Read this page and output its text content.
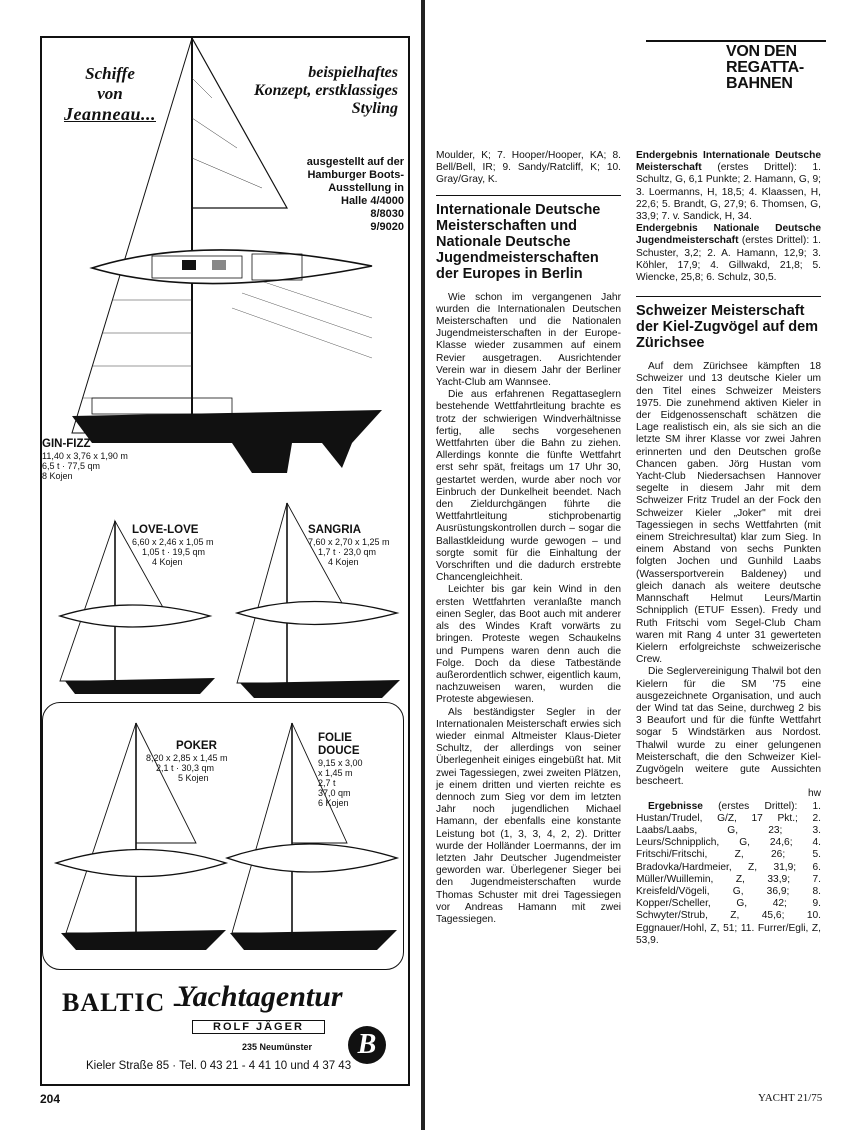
Schiffe
von
Jeanneau...
beispielhaftes Konzept, erstklassiges Styling
ausgestellt auf der
Hamburger Boots-
Ausstellung in
Halle 4/4000
8/8030
9/9020
GIN-FIZZ
11,40 x 3,76 x 1,90 m
6,5 t · 77,5 qm
8 Kojen
LOVE-LOVE
6,60 x 2,46 x 1,05 m
1,05 t · 19,5 qm
4 Kojen
SANGRIA
7,60 x 2,70 x 1,25 m
1,7 t · 23,0 qm
4 Kojen
POKER
8,20 x 2,85 x 1,45 m
2,1 t · 30,3 qm
5 Kojen
FOLIE DOUCE
9,15 x 3,00
x 1,45 m
2,7 t
37,0 qm
6 Kojen
BALTIC -
Yachtagentur
ROLF JÄGER
235 Neumünster
Kieler Straße 85 · Tel. 0 43 21 - 4 41 10 und 4 37 43
B
VON DEN REGATTA-BAHNEN

Moulder, K; 7. Hooper/Hooper, KA; 8. Bell/Bell, IR; 9. Sandy/Ratcliff, K; 10. Gray/Gray, K.

Internationale Deutsche Meisterschaften und Nationale Deutsche Jugendmeisterschaften der Europes in Berlin

Wie schon im vergangenen Jahr wurden die Internationalen Deutschen Meisterschaften und die Nationalen Jugendmeisterschaften in der Europe-Klasse wieder zusammen auf einem Revier ausgetragen. Ausrichtender Verein war in diesem Jahr der Berliner Yacht-Club am Wannsee.

Die aus erfahrenen Regattaseglern bestehende Wettfahrtleitung brachte es trotz der schwierigen Windverhältnisse fertig, alle sechs vorgesehenen Wettfahrten über die Bahn zu ziehen. Allerdings konnte die fünfte Wettfahrt erst sehr spät, freitags um 17 Uhr 30, gestartet werden, wurde aber noch vor Einbruch der Dunkelheit beendet. Nach den Zieldurchgängen führte die Wettfahrtleitung stichprobenartig Ausrüstungskontrollen durch – sogar die Ballastkleidung wurde gewogen – und sorgte somit für die Einhaltung der Vorschriften und die dadurch erstrebte Chancengleichheit.

Leichter bis gar kein Wind in den ersten Wettfahrten veranlaßte manch einen Segler, das Boot auch mit anderer als des Windes Kraft vorwärts zu bringen. Proteste wegen Schaukelns und Pumpens waren denn auch die Folge. Doch da diese Tatbestände außerordentlich schwer, eigentlich kaum, nachzuweisen waren, wurden die Proteste abgewiesen.

Als beständigster Segler in der Internationalen Meisterschaft erwies sich wieder einmal Altmeister Klaus-Dieter Schultz, der allerdings von seiner Überlegenheit einiges eingebüßt hat. Mit zwei Tagessiegen, zwei zweiten Plätzen, je einem dritten und vierten reichte es dennoch zum Sieg vor dem im letzten Jahr noch jugendlichen Michael Hamann, der ebenfalls eine konstante Leistung bot (1, 3, 3, 4, 2, 2). Dritter wurde der Holländer Loermanns, der im letzten Jahr Deutscher Jugendmeister geworden war. Überlegener Sieger bei den Jugendmeisterschaften wurde Thomas Schuster mit drei Tagessiegen vor Andreas Hamann mit zwei Tagessiegen.

Endergebnis Internationale Deutsche Meisterschaft (erstes Drittel): 1. Schultz, G, 6,1 Punkte; 2. Hamann, G, 9; 3. Loermanns, H, 18,5; 4. Klaassen, H, 22,6; 5. Brandt, G, 27,9; 6. Thomsen, G, 33,9; 7. v. Sandick, H, 34.

Endergebnis Nationale Deutsche Jugendmeisterschaft (erstes Drittel): 1. Schuster, 3,2; 2. A. Hamann, 12,9; 3. Köhler, 17,9; 4. Gillwakd, 21,8; 5. Wiencke, 25,8; 6. Schulz, 30,5.

Schweizer Meisterschaft der Kiel-Zugvögel auf dem Zürichsee

Auf dem Zürichsee kämpften 18 Schweizer und 13 deutsche Kieler um den Titel eines Schweizer Meisters 1975. Die zunehmend aktiven Kieler in der Eidgenossenschaft schätzen die Lage realistisch ein, als sie sich an die letzte SM ihrer Klasse vor zwei Jahren erinnerten und den Deutschen große Chancen gaben. Jörg Hustan vom Yacht-Club Niedersachsen Hannover segelte in diesem Jahr mit dem Schweizer Fritz Trudel an der Fock den Schweizer Kieler „Joker" mit drei Tagessiegen in sechs Wettfahrten (mit einem Streichresultat) klar zum Sieg. In einem Abstand von sechs Punkten folgten Jochen und Gunhild Laabs (Wassersportverein Baldeney) und gleich danach als weitere deutsche Mannschaft Helmut Leurs/Martin Schnipplich (ETUF Essen). Fredy und Ruth Fritschi vom Segel-Club Cham waren mit Rang 4 unter 31 gewerteten Kielern erfolgreichste schweizerische Crew.

Die Seglervereinigung Thalwil bot den Kielern für die SM '75 eine ausgezeichnete Organisation, und auch der Wind tat das Seine, durchweg 2 bis 3 Beaufort und für die fünfte Wettfahrt sogar 5 Windstärken aus Nordost. Thalwil wurde zu einer gelungenen Meisterschaft, die den Schweizer Kiel-Zugvögeln weitere gute Aussichten bescheert.

hw

Ergebnisse (erstes Drittel): 1. Hustan/Trudel, G/Z, 17 Pkt.; 2. Laabs/Laabs, G, 23; 3. Leurs/Schnipplich, G, 24,6; 4. Fritschi/Fritschi, Z, 26; 5. Bradovka/Hardmeier, Z, 31,9; 6. Müller/Wuillemin, Z, 33,9; 7. Kreisfeld/Vögeli, G, 36,9; 8. Kopper/Scheller, G, 42; 9. Schwyter/Strub, Z, 45,6; 10. Eggnauer/Hohl, Z, 51; 11. Furrer/Egli, Z, 53,9.

204	YACHT 21/75
